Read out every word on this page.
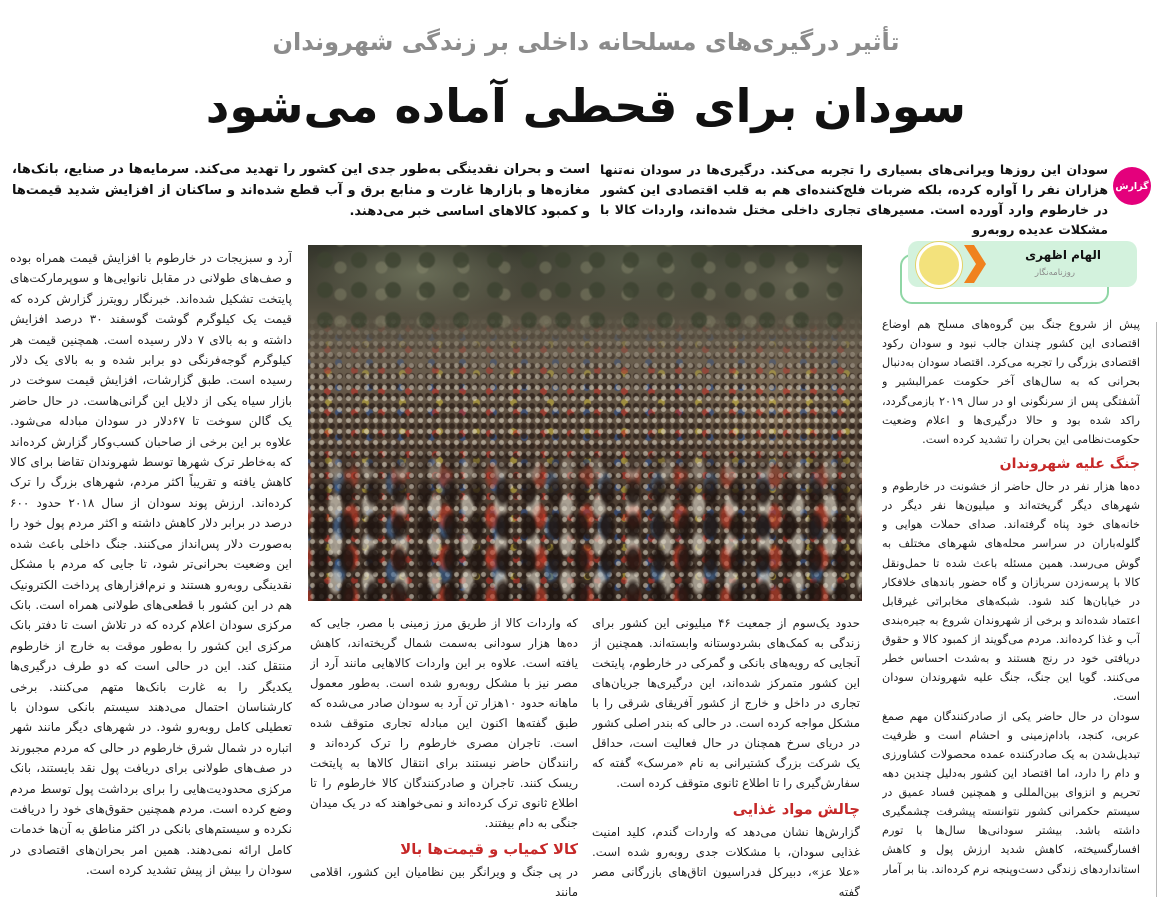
تأثیر درگیری‌های مسلحانه داخلی بر زندگی شهروندان
سودان برای قحطی آماده می‌شود
گزارش
سودان این روزها ویرانی‌های بسیاری را تجربه می‌کند. درگیری‌ها در سودان نه‌تنها هزاران نفر را آواره کرده، بلکه ضربات فلج‌کننده‌ای هم به قلب اقتصادی این کشور در خارطوم وارد آورده است. مسیرهای تجاری داخلی مختل شده‌اند، واردات کالا با مشکلات عدیده روبه‌رو
است و بحران نقدینگی به‌طور جدی این کشور را تهدید می‌کند. سرمایه‌ها در صنایع، بانک‌ها، مغازه‌ها و بازارها غارت و منابع برق و آب قطع شده‌اند و ساکنان از افزایش شدید قیمت‌ها و کمبود کالاهای اساسی خبر می‌دهند.
الهام اظهری
روزنامه‌نگار

پیش از شروع جنگ بین گروه‌های مسلح هم اوضاع اقتصادی این کشور چندان جالب نبود و سودان رکود اقتصادی بزرگی را تجربه می‌کرد. اقتصاد سودان به‌دنبال بحرانی که به سال‌های آخر حکومت عمرالبشیر و آشفتگی پس از سرنگونی او در سال ۲۰۱۹ بازمی‌گردد، راکد شده بود و حالا درگیری‌ها و اعلام وضعیت حکومت‌نظامی این بحران را تشدید کرده است.

جنگ علیه شهروندان

ده‌ها هزار نفر در حال حاضر از خشونت در خارطوم و شهرهای دیگر گریخته‌اند و میلیون‌ها نفر دیگر در خانه‌های خود پناه گرفته‌اند. صدای حملات هوایی و گلوله‌باران در سراسر محله‌های شهرهای مختلف به گوش می‌رسد. همین مسئله باعث شده تا حمل‌ونقل کالا با پرسه‌زدن سربازان و گاه حضور باندهای خلافکار در خیابان‌ها کند شود. شبکه‌های مخابراتی غیرقابل اعتماد شده‌اند و برخی از شهروندان شروع به جیره‌بندی آب و غذا کرده‌اند. مردم می‌گویند از کمبود کالا و حقوق دریافتی خود در رنج هستند و به‌شدت احساس خطر می‌کنند. گویا این جنگ، جنگ علیه شهروندان سودان است.

سودان در حال حاضر یکی از صادرکنندگان مهم صمغ عربی، کنجد، بادام‌زمینی و احشام است و ظرفیت تبدیل‌شدن به یک صادرکننده عمده محصولات کشاورزی و دام را دارد، اما اقتصاد این کشور به‌دلیل چندین دهه تحریم و انزوای بین‌المللی و همچنین فساد عمیق در سیستم حکمرانی کشور نتوانسته پیشرفت چشمگیری داشته باشد. بیشتر سودانی‌ها سال‌ها با تورم افسارگسیخته، کاهش شدید ارزش پول و کاهش استانداردهای زندگی دست‌وپنجه نرم کرده‌اند. بنا بر آمار

حدود یک‌سوم از جمعیت ۴۶ میلیونی این کشور برای زندگی به کمک‌های بشردوستانه وابسته‌اند. همچنین از آنجایی که رویه‌های بانکی و گمرکی در خارطوم، پایتخت این کشور متمرکز شده‌اند، این درگیری‌ها جریان‌های تجاری در داخل و خارج از کشور آفریقای شرقی را با مشکل مواجه کرده است. در حالی که بندر اصلی کشور در دریای سرخ همچنان در حال فعالیت است، حداقل یک شرکت بزرگ کشتیرانی به نام «مرسک» گفته که سفارش‌گیری را تا اطلاع ثانوی متوقف کرده است.

چالش مواد غذایی

گزارش‌ها نشان می‌دهد که واردات گندم، کلید امنیت غذایی سودان، با مشکلات جدی روبه‌رو شده است. «علا عز»، دبیرکل فدراسیون اتاق‌های بازرگانی مصر گفته

که واردات کالا از طریق مرز زمینی با مصر، جایی که ده‌ها هزار سودانی به‌سمت شمال گریخته‌اند، کاهش یافته است. علاوه بر این واردات کالاهایی مانند آرد از مصر نیز با مشکل روبه‌رو شده است. به‌طور معمول ماهانه حدود ۱۰هزار تن آرد به سودان صادر می‌شده که طبق گفته‌ها اکنون این مبادله تجاری متوقف شده است. تاجران مصری خارطوم را ترک کرده‌اند و رانندگان حاضر نیستند برای انتقال کالاها به پایتخت ریسک کنند. تاجران و صادرکنندگان کالا خارطوم را تا اطلاع ثانوی ترک کرده‌اند و نمی‌خواهند که در یک میدان جنگی به دام بیفتند.

کالا کمیاب و قیمت‌ها بالا

در پی جنگ و ویرانگر بین نظامیان این کشور، اقلامی مانند

آرد و سبزیجات در خارطوم با افزایش قیمت همراه بوده و صف‌های طولانی در مقابل نانوایی‌ها و سوپرمارکت‌های پایتخت تشکیل شده‌اند. خبرنگار رویترز گزارش کرده که قیمت یک کیلوگرم گوشت گوسفند ۳۰ درصد افزایش داشته و به بالای ۷ دلار رسیده است. همچنین قیمت هر کیلوگرم گوجه‌فرنگی دو برابر شده و به بالای یک دلار رسیده است. طبق گزارشات، افزایش قیمت سوخت در بازار سیاه یکی از دلایل این گرانی‌هاست. در حال حاضر یک گالن سوخت تا ۶۷دلار در سودان مبادله می‌شود. علاوه بر این برخی از صاحبان کسب‌وکار گزارش کرده‌اند که به‌خاطر ترک شهرها توسط شهروندان تقاضا برای کالا کاهش یافته و تقریباً اکثر مردم، شهرهای بزرگ را ترک کرده‌اند. ارزش پوند سودان از سال ۲۰۱۸ حدود ۶۰۰ درصد در برابر دلار کاهش داشته و اکثر مردم پول خود را به‌صورت دلار پس‌انداز می‌کنند. جنگ داخلی باعث شده این وضعیت بحرانی‌تر شود، تا جایی که مردم با مشکل نقدینگی روبه‌رو هستند و نرم‌افزارهای پرداخت الکترونیک هم در این کشور با قطعی‌های طولانی همراه است. بانک مرکزی سودان اعلام کرده که در تلاش است تا دفتر بانک مرکزی این کشور را به‌طور موقت به خارج از خارطوم منتقل کند. این در حالی است که دو طرف درگیری‌ها یکدیگر را به غارت بانک‌ها متهم می‌کنند. برخی کارشناسان احتمال می‌دهند سیستم بانکی سودان با تعطیلی کامل روبه‌رو شود. در شهرهای دیگر مانند شهر اتباره در شمال شرق خارطوم در حالی که مردم مجبورند در صف‌های طولانی برای دریافت پول نقد بایستند، بانک مرکزی محدودیت‌هایی را برای برداشت پول توسط مردم وضع کرده است. مردم همچنین حقوق‌های خود را دریافت نکرده و سیستم‌های بانکی در اکثر مناطق به آن‌ها خدمات کامل ارائه نمی‌دهند. همین امر بحران‌های اقتصادی در سودان را بیش از پیش تشدید کرده است.
